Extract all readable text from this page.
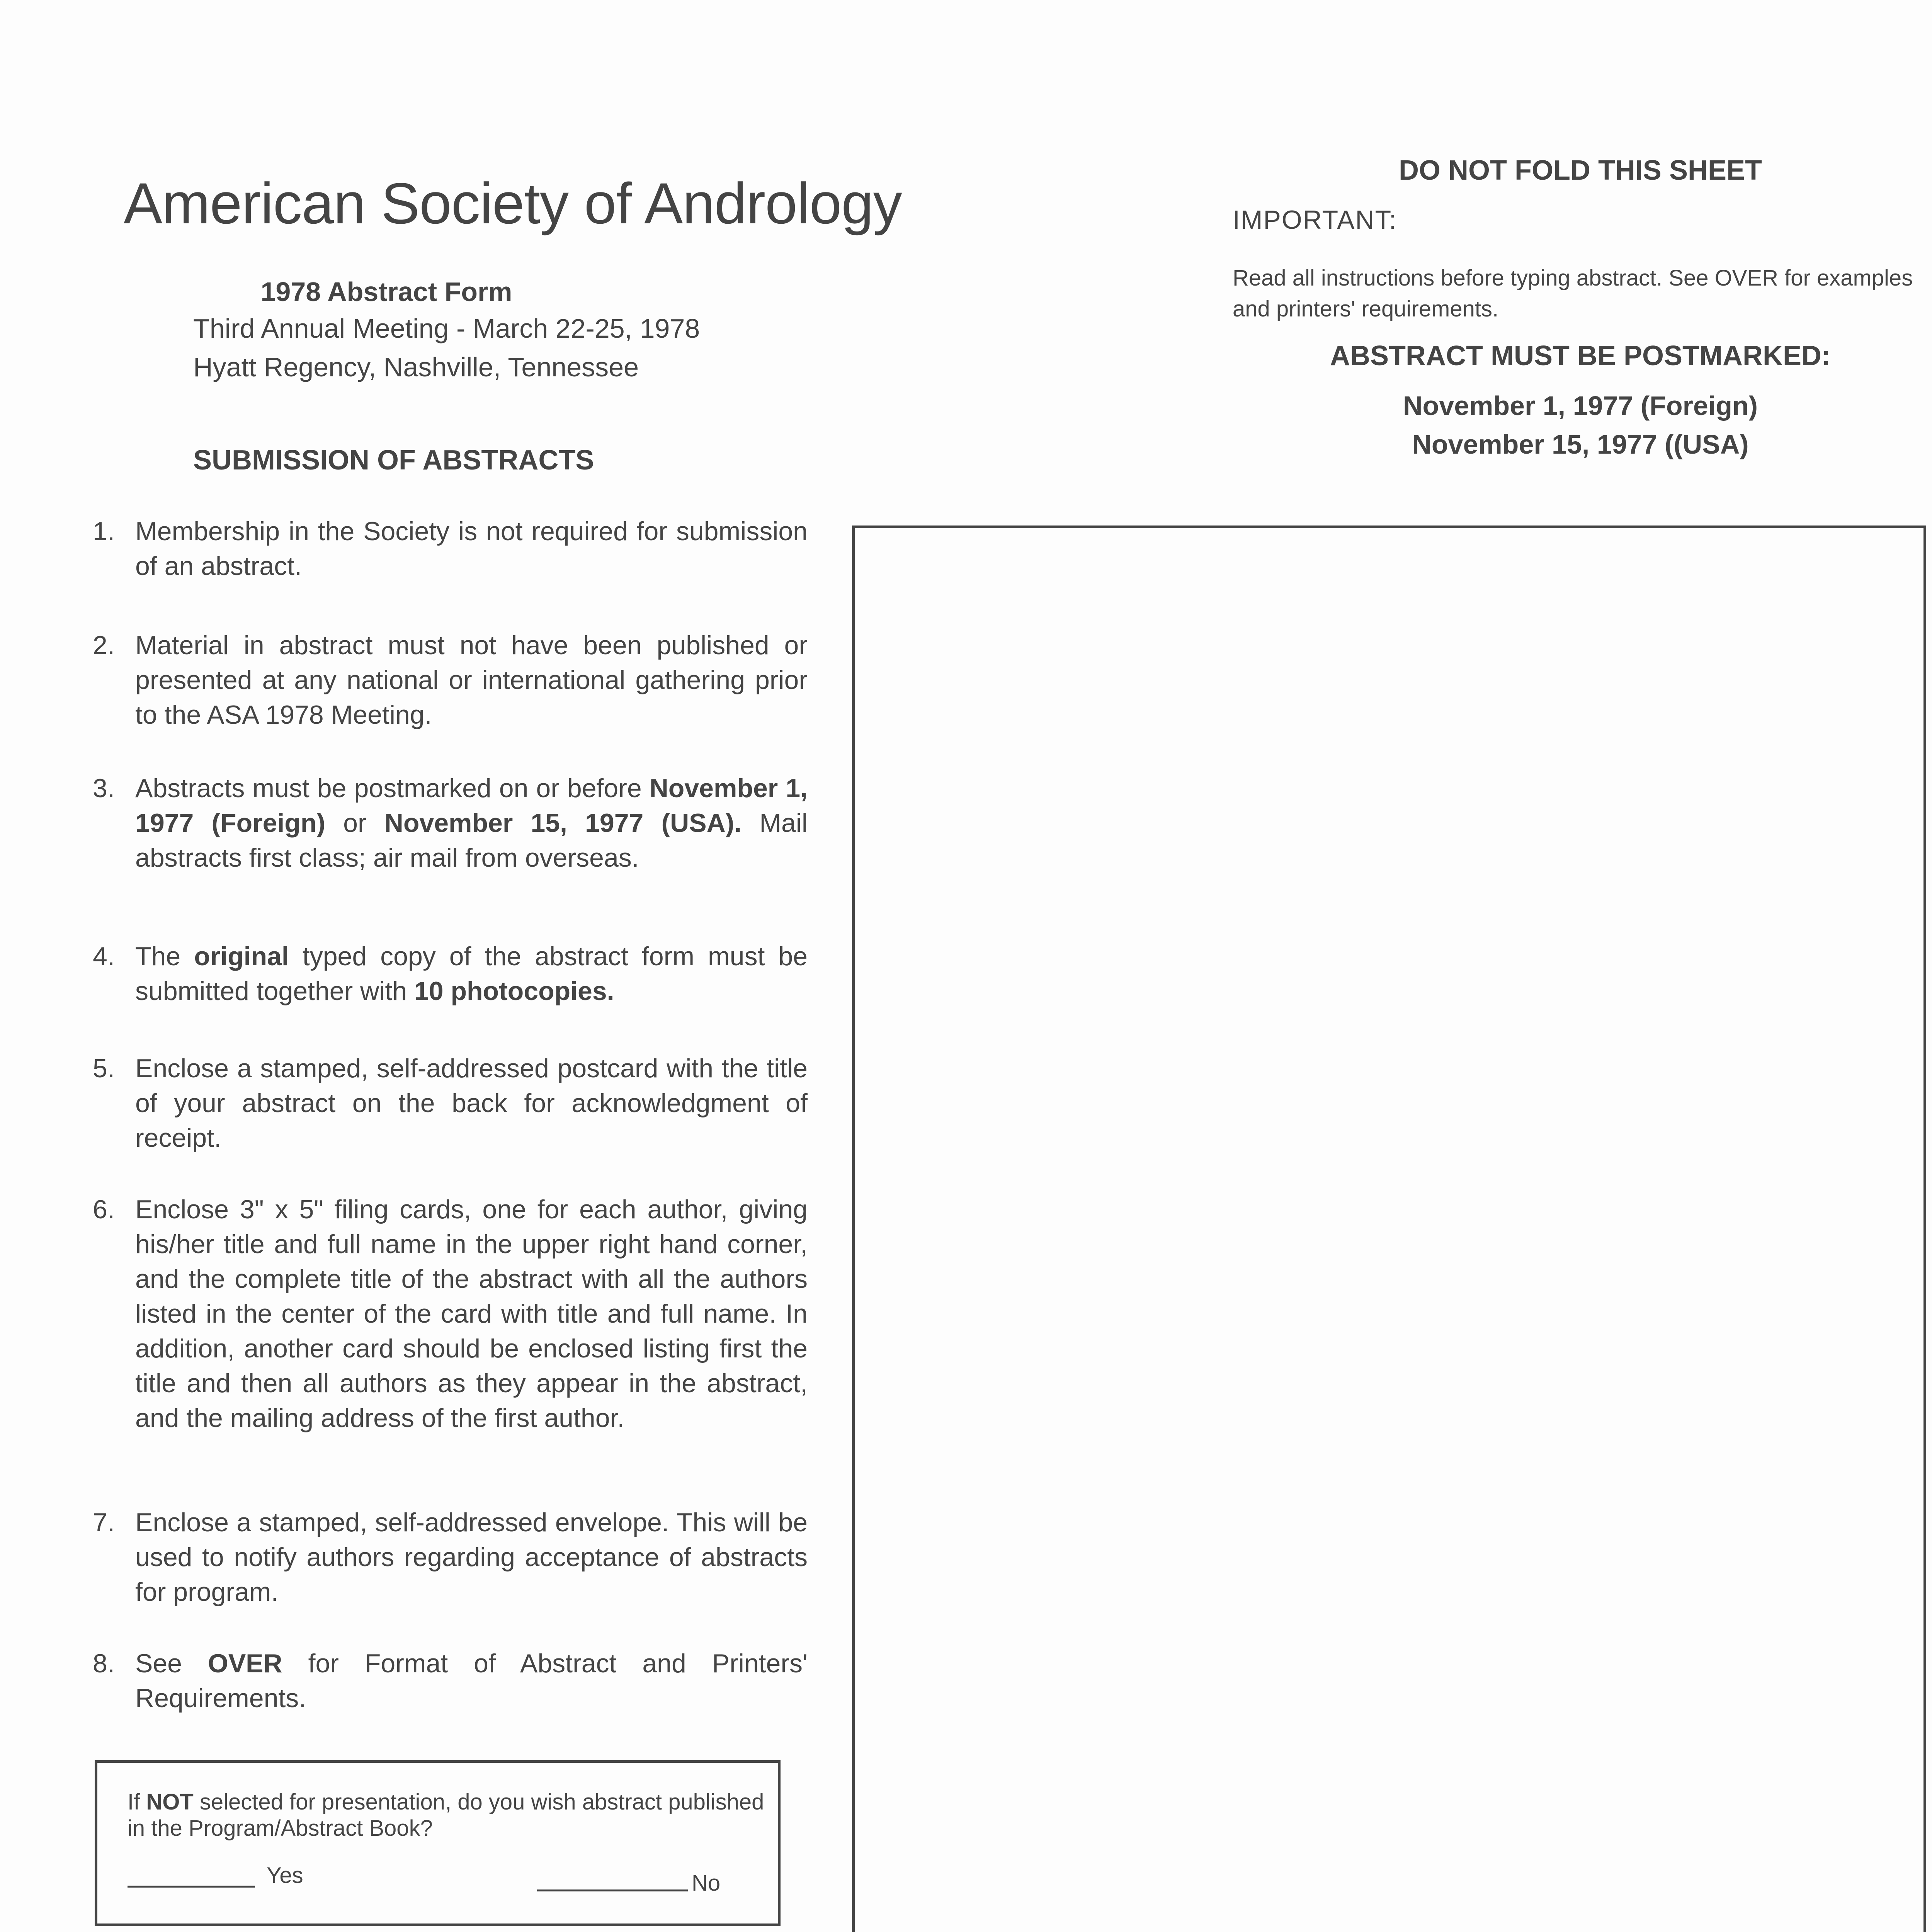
American Society of Andrology
1978 Abstract Form
Third Annual Meeting - March 22-25, 1978
Hyatt Regency, Nashville, Tennessee
SUBMISSION OF ABSTRACTS
DO NOT FOLD THIS SHEET
IMPORTANT:
Read all instructions before typing abstract. See OVER for examples and printers' requirements.
ABSTRACT MUST BE POSTMARKED:
November 1, 1977 (Foreign)
November 15, 1977 ((USA)
1. Membership in the Society is not required for submission of an abstract.
2. Material in abstract must not have been published or presented at any national or international gathering prior to the ASA 1978 Meeting.
3. Abstracts must be postmarked on or before November 1, 1977 (Foreign) or November 15, 1977 (USA). Mail abstracts first class; air mail from overseas.
4. The original typed copy of the abstract form must be submitted together with 10 photocopies.
5. Enclose a stamped, self-addressed postcard with the title of your abstract on the back for acknowledgment of receipt.
6. Enclose 3" x 5" filing cards, one for each author, giving his/her title and full name in the upper right hand corner, and the complete title of the abstract with all the authors listed in the center of the card with title and full name. In addition, another card should be enclosed listing first the title and then all authors as they appear in the abstract, and the mailing address of the first author.
7. Enclose a stamped, self-addressed envelope. This will be used to notify authors regarding acceptance of abstracts for program.
8. See OVER for Format of Abstract and Printers' Requirements.
If NOT selected for presentation, do you wish abstract published in the Program/Abstract Book?
Yes	No
